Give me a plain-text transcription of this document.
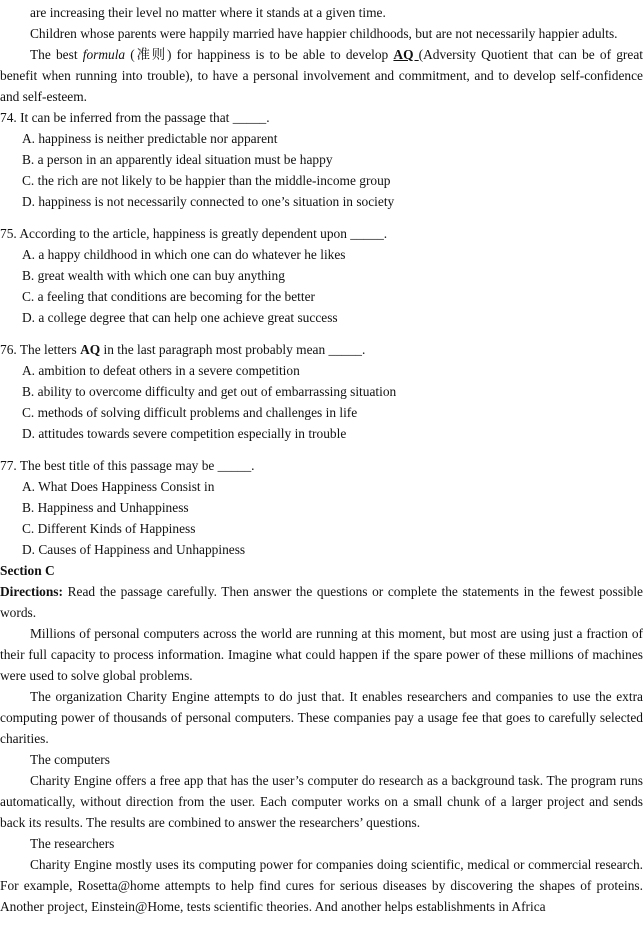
are increasing their level no matter where it stands at a given time.

Children whose parents were happily married have happier childhoods, but are not necessarily happier adults.

The best formula (准则) for happiness is to be able to develop AQ (Adversity Quotient that can be of great benefit when running into trouble), to have a personal involvement and commitment, and to develop self-confidence and self-esteem.

74. It can be inferred from the passage that _____.

A. happiness is neither predictable nor apparent

B. a person in an apparently ideal situation must be happy

C. the rich are not likely to be happier than the middle-income group

D. happiness is not necessarily connected to one’s situation in society

75. According to the article, happiness is greatly dependent upon _____.

A. a happy childhood in which one can do whatever he likes

B. great wealth with which one can buy anything

C. a feeling that conditions are becoming for the better

D. a college degree that can help one achieve great success

76. The letters AQ in the last paragraph most probably mean _____.

A. ambition to defeat others in a severe competition

B. ability to overcome difficulty and get out of embarrassing situation

C. methods of solving difficult problems and challenges in life

D. attitudes towards severe competition especially in trouble

77. The best title of this passage may be _____.

A. What Does Happiness Consist in

B. Happiness and Unhappiness

C. Different Kinds of Happiness

D. Causes of Happiness and Unhappiness

Section C

Directions: Read the passage carefully. Then answer the questions or complete the statements in the fewest possible words.

Millions of personal computers across the world are running at this moment, but most are using just a fraction of their full capacity to process information. Imagine what could happen if the spare power of these millions of machines were used to solve global problems.

The organization Charity Engine attempts to do just that. It enables researchers and companies to use the extra computing power of thousands of personal computers. These companies pay a usage fee that goes to carefully selected charities.

The computers

Charity Engine offers a free app that has the user’s computer do research as a background task. The program runs automatically, without direction from the user. Each computer works on a small chunk of a larger project and sends back its results. The results are combined to answer the researchers’ questions.

The researchers

Charity Engine mostly uses its computing power for companies doing scientific, medical or commercial research. For example, Rosetta@home attempts to help find cures for serious diseases by discovering the shapes of proteins. Another project, Einstein@Home, tests scientific theories. And another helps establishments in Africa
